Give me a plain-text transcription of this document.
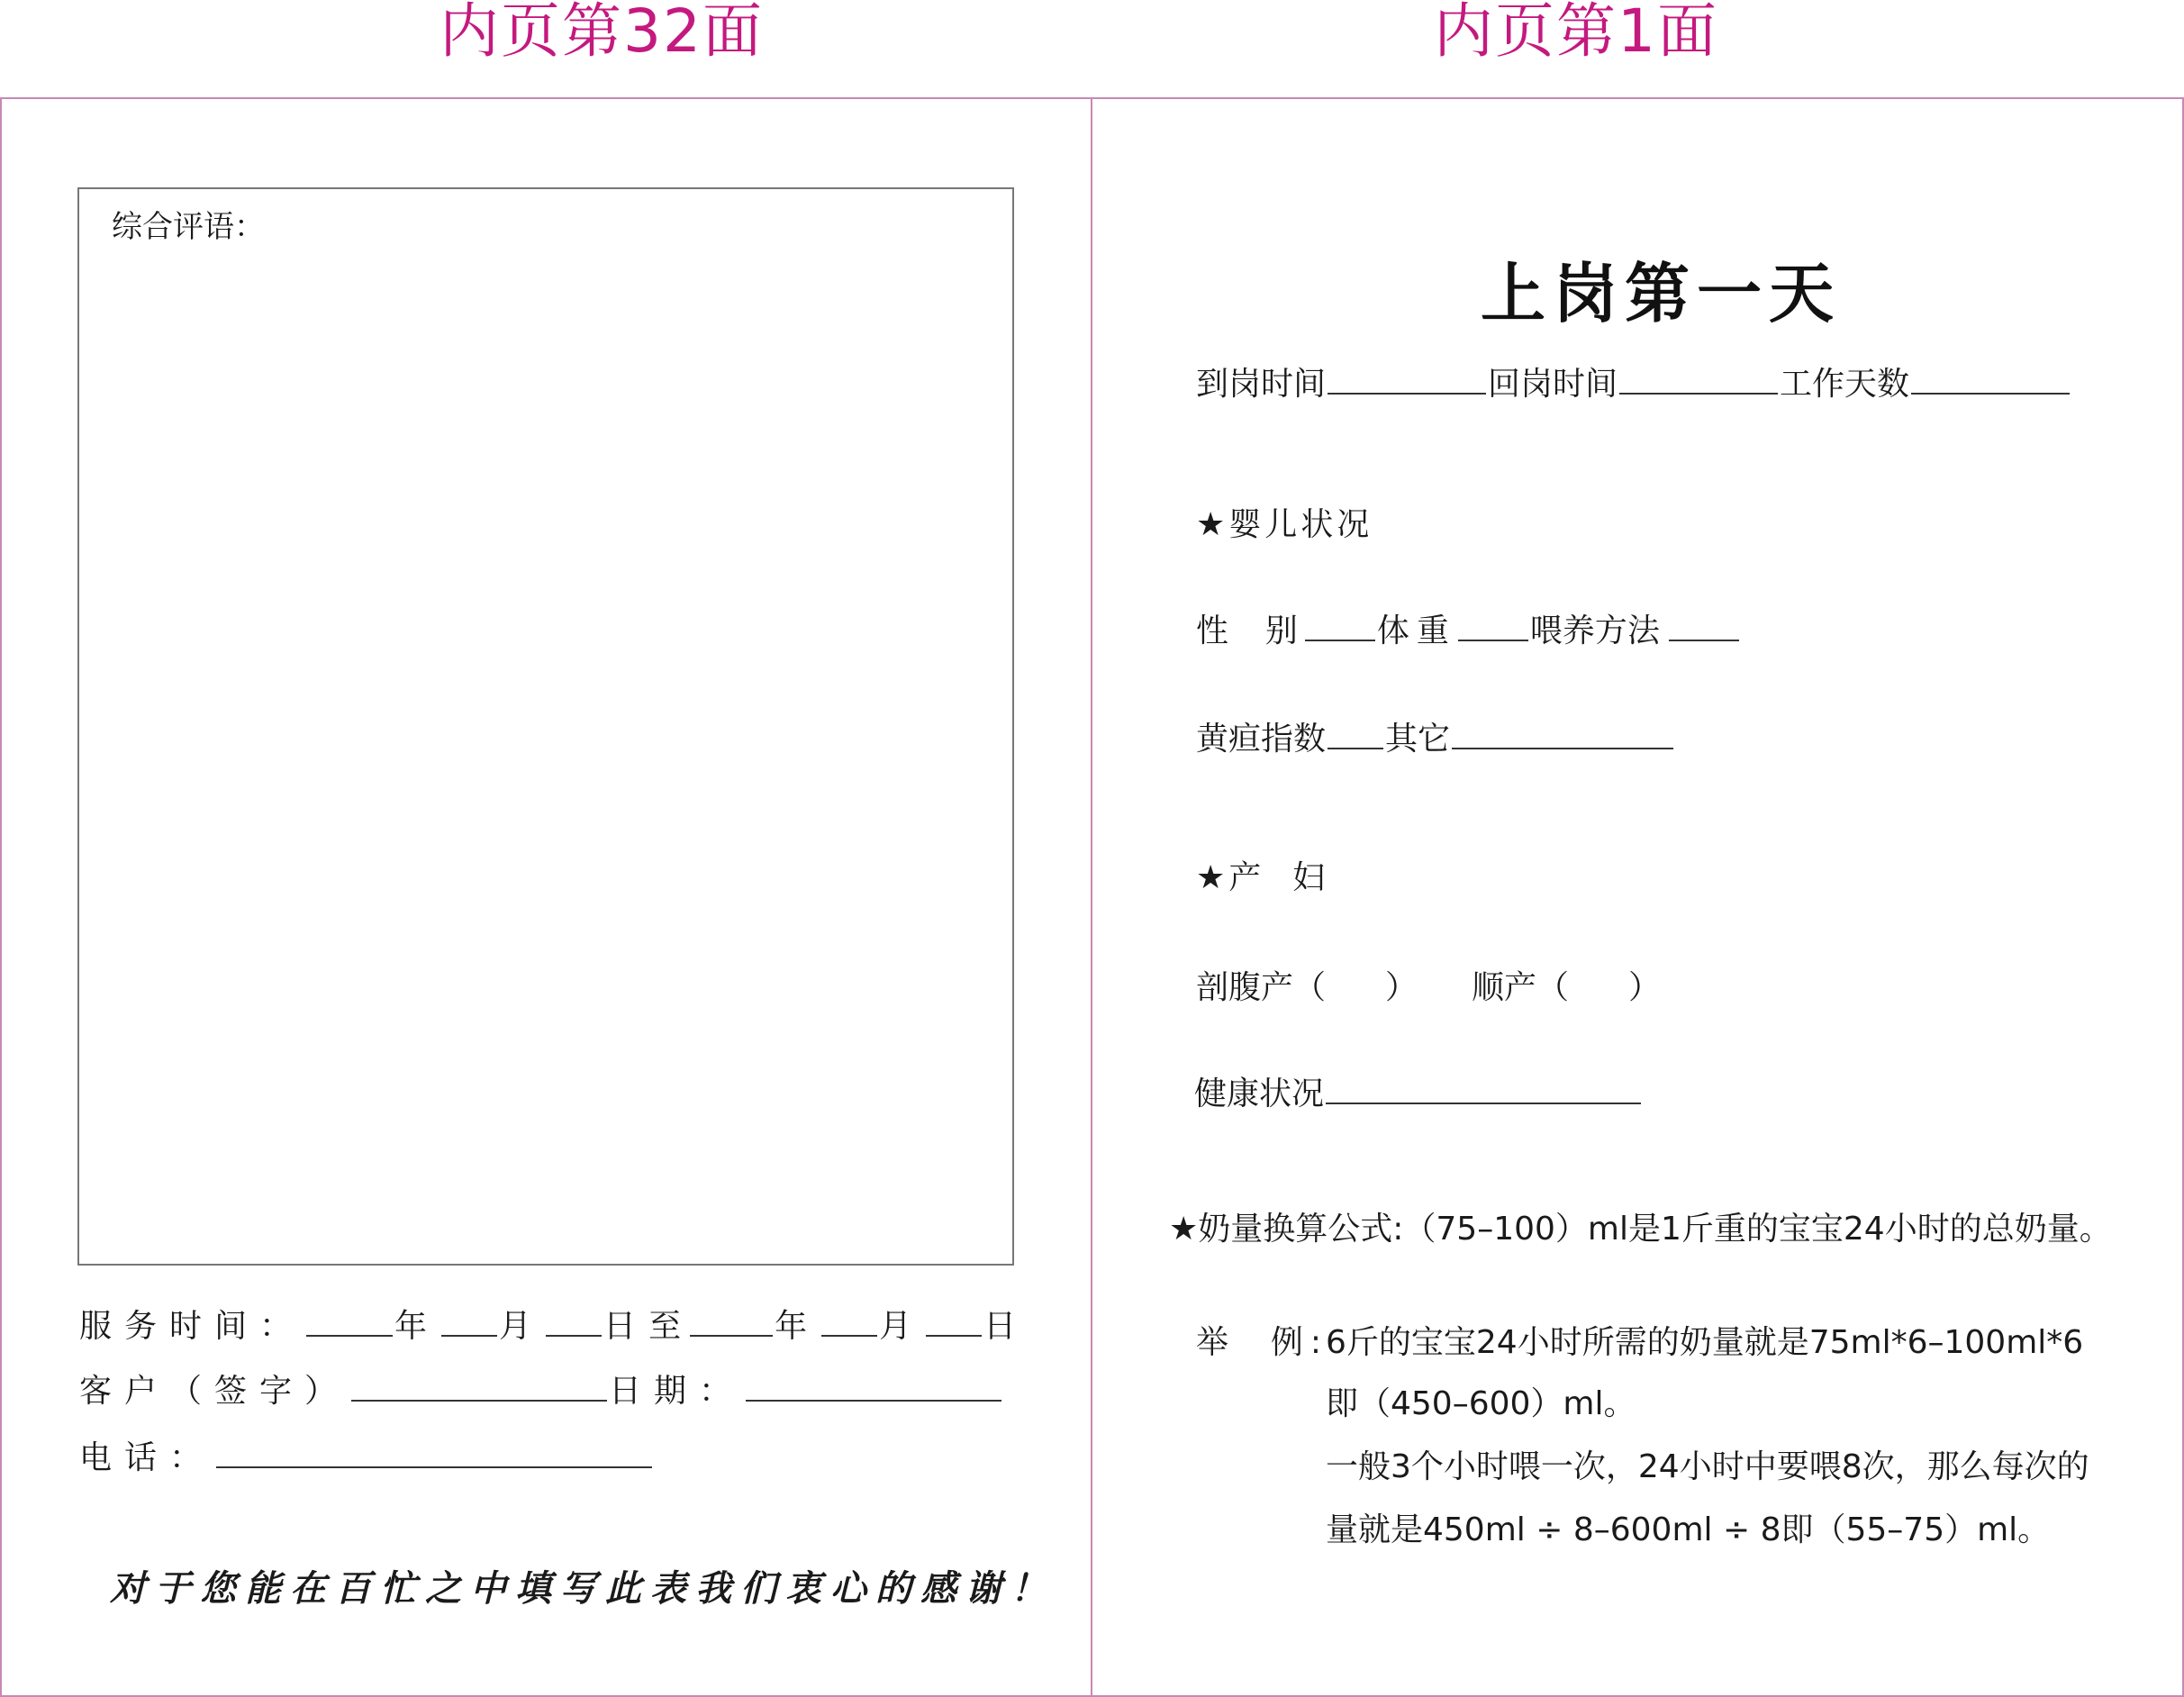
内页第32面	内页第1面
综合评语：
服务时间：	年 月 日至	年 月 日
客户（签字）	日期：
电话：
对于您能在百忙之中填写此表我们衷心的感谢！
上岗第一天
到岗时间	回岗时间	工作天数
★婴儿状况
性  别 体重 喂养方法
黄疸指数 其它
★产  妇
剖腹产（ ） 顺产（ ）
健康状况
★奶量换算公式:（75–100）ml是1斤重的宝宝24小时的总奶量。
举  例:
6斤的宝宝24小时所需的奶量就是75ml*6–100ml*6
即（450–600）ml。
一般3个小时喂一次，24小时中要喂8次，那么每次的
量就是450ml ÷ 8–600ml ÷ 8即（55–75）ml。
